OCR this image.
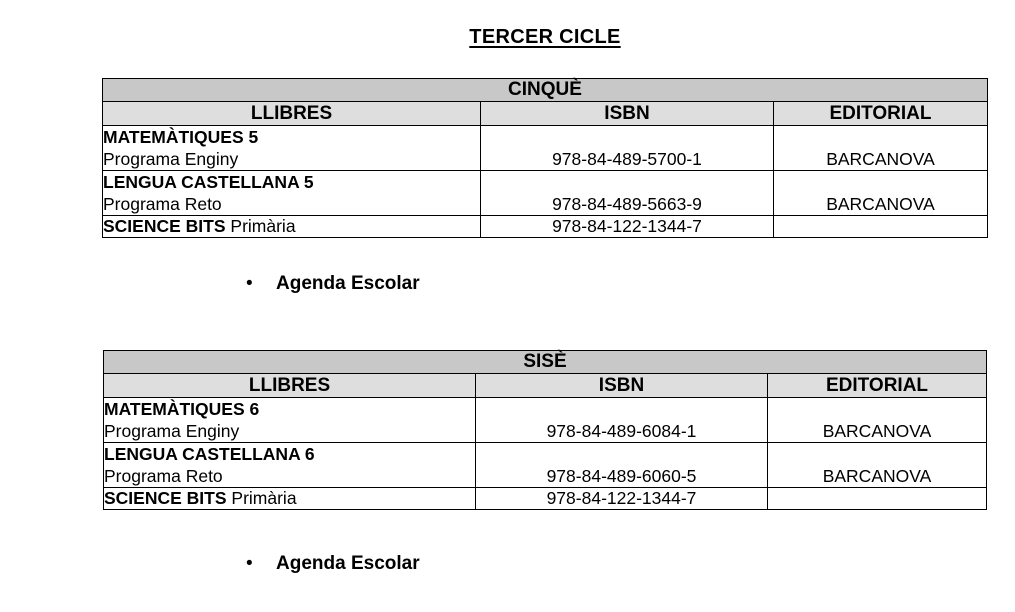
TERCER CICLE
CINQUÈ		
LLIBRES	ISBN	EDITORIAL

MATEMÀTIQUES 5
Programa Enginy	978-84-489-5700-1	BARCANOVA

LENGUA CASTELLANA 5
Programa Reto	978-84-489-5663-9	BARCANOVA
SCIENCE BITS Primària	978-84-122-1344-7	
• Agenda Escolar
SISÈ		
LLIBRES	ISBN	EDITORIAL

MATEMÀTIQUES 6
Programa Enginy	978-84-489-6084-1	BARCANOVA

LENGUA CASTELLANA 6
Programa Reto	978-84-489-6060-5	BARCANOVA
SCIENCE BITS Primària	978-84-122-1344-7	
• Agenda Escolar
